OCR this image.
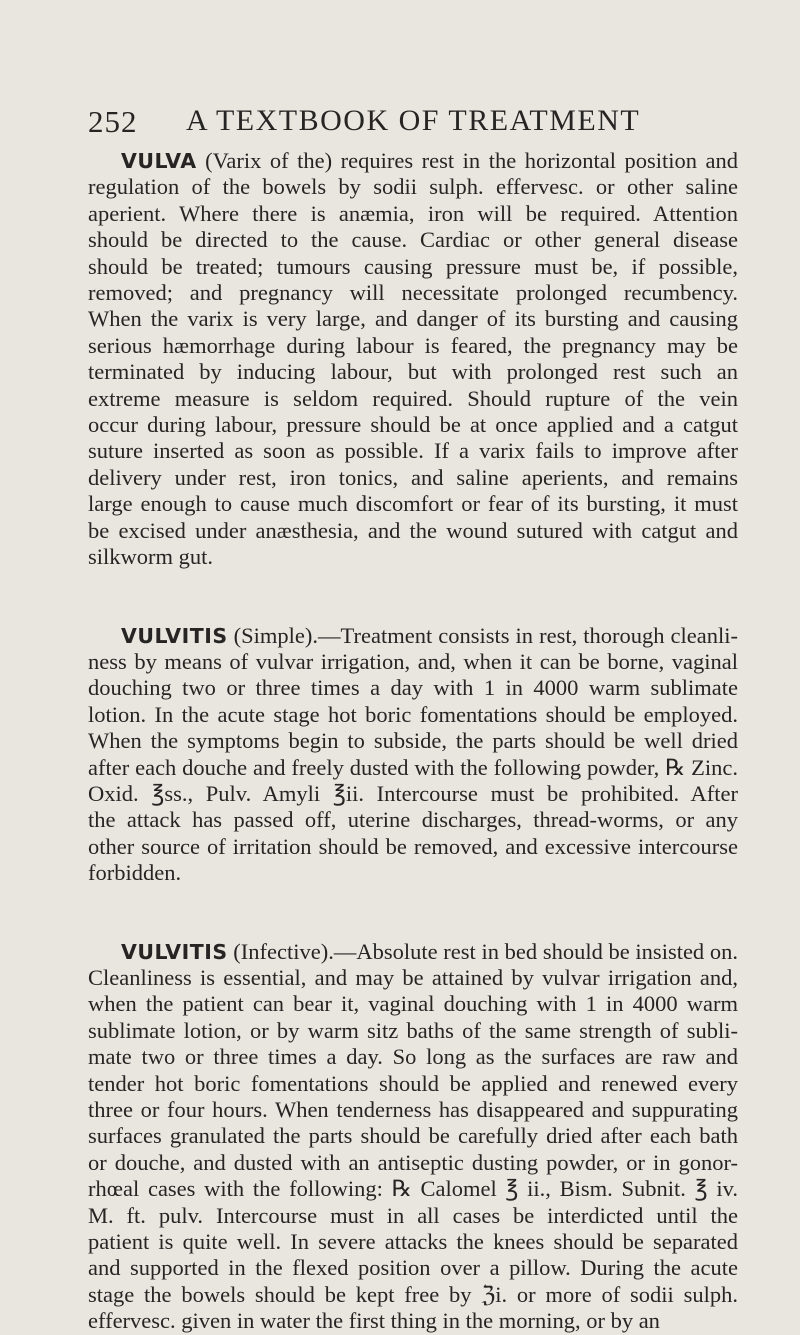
252 A TEXTBOOK OF TREATMENT
VULVA (Varix of the) requires rest in the horizontal position and
regulation of the bowels by sodii sulph. effervesc. or other saline
aperient. Where there is anæmia, iron will be required. Attention
should be directed to the cause. Cardiac or other general disease
should be treated; tumours causing pressure must be, if possible,
removed; and pregnancy will necessitate prolonged recumbency.
When the varix is very large, and danger of its bursting and causing
serious hæmorrhage during labour is feared, the pregnancy may be
terminated by inducing labour, but with prolonged rest such an
extreme measure is seldom required. Should rupture of the vein
occur during labour, pressure should be at once applied and a catgut
suture inserted as soon as possible. If a varix fails to improve after
delivery under rest, iron tonics, and saline aperients, and remains
large enough to cause much discomfort or fear of its bursting, it must
be excised under anæsthesia, and the wound sutured with catgut and
silkworm gut.
VULVITIS (Simple).—Treatment consists in rest, thorough cleanli-
ness by means of vulvar irrigation, and, when it can be borne, vaginal
douching two or three times a day with 1 in 4000 warm sublimate
lotion. In the acute stage hot boric fomentations should be employed.
When the symptoms begin to subside, the parts should be well dried
after each douche and freely dusted with the following powder, ℞ Zinc.
Oxid. ℥ss., Pulv. Amyli ℥ii. Intercourse must be prohibited. After
the attack has passed off, uterine discharges, thread-worms, or any
other source of irritation should be removed, and excessive intercourse
forbidden.
VULVITIS (Infective).—Absolute rest in bed should be insisted on.
Cleanliness is essential, and may be attained by vulvar irrigation and,
when the patient can bear it, vaginal douching with 1 in 4000 warm
sublimate lotion, or by warm sitz baths of the same strength of subli-
mate two or three times a day. So long as the surfaces are raw and
tender hot boric fomentations should be applied and renewed every
three or four hours. When tenderness has disappeared and suppurating
surfaces granulated the parts should be carefully dried after each bath
or douche, and dusted with an antiseptic dusting powder, or in gonor-
rhœal cases with the following: ℞ Calomel ℥ ii., Bism. Subnit. ℥ iv.
M. ft. pulv. Intercourse must in all cases be interdicted until the
patient is quite well. In severe attacks the knees should be separated
and supported in the flexed position over a pillow. During the acute
stage the bowels should be kept free by ℨi. or more of sodii sulph.
effervesc. given in water the first thing in the morning, or by an
